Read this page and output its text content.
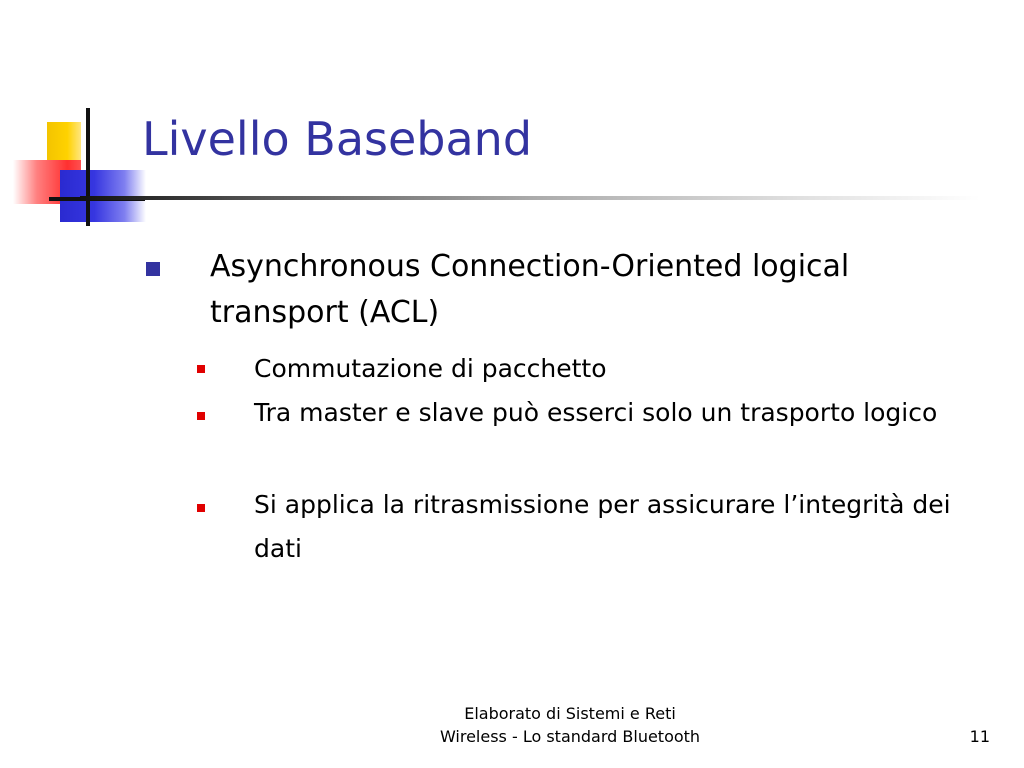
Livello Baseband

Asynchronous Connection-Oriented logical transport (ACL)

Commutazione di pacchetto

Tra master e slave può esserci solo un trasporto logico

Si applica la ritrasmissione per assicurare l’integrità dei dati

Elaborato di Sistemi e Reti
Wireless - Lo standard Bluetooth	11
